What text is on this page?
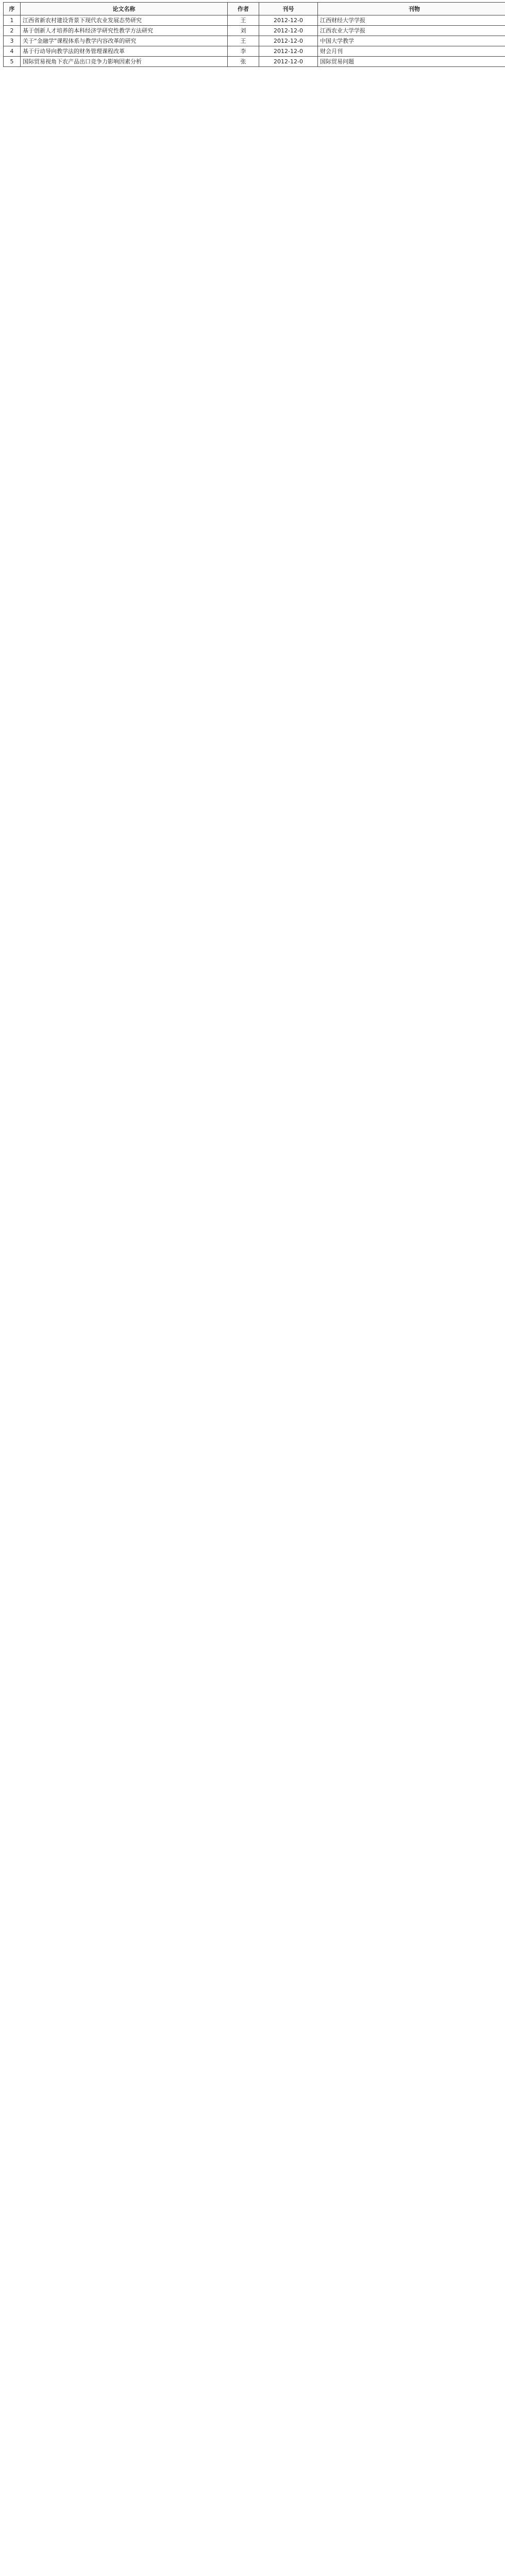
序	论文名称	作者	刊号	刊物
1	江西省新农村建设背景下现代农业发展态势研究	王	2012-12-0	江西财经大学学报
2	基于创新人才培养的本科经济学研究性教学方法研究	刘	2012-12-0	江西农业大学学报
3	关于“金融学”课程体系与教学内容改革的研究	王	2012-12-0	中国大学教学
4	基于行动导向教学法的财务管理课程改革	李	2012-12-0	财会月刊
5	国际贸易视角下农产品出口竞争力影响因素分析	张	2012-12-0	国际贸易问题
